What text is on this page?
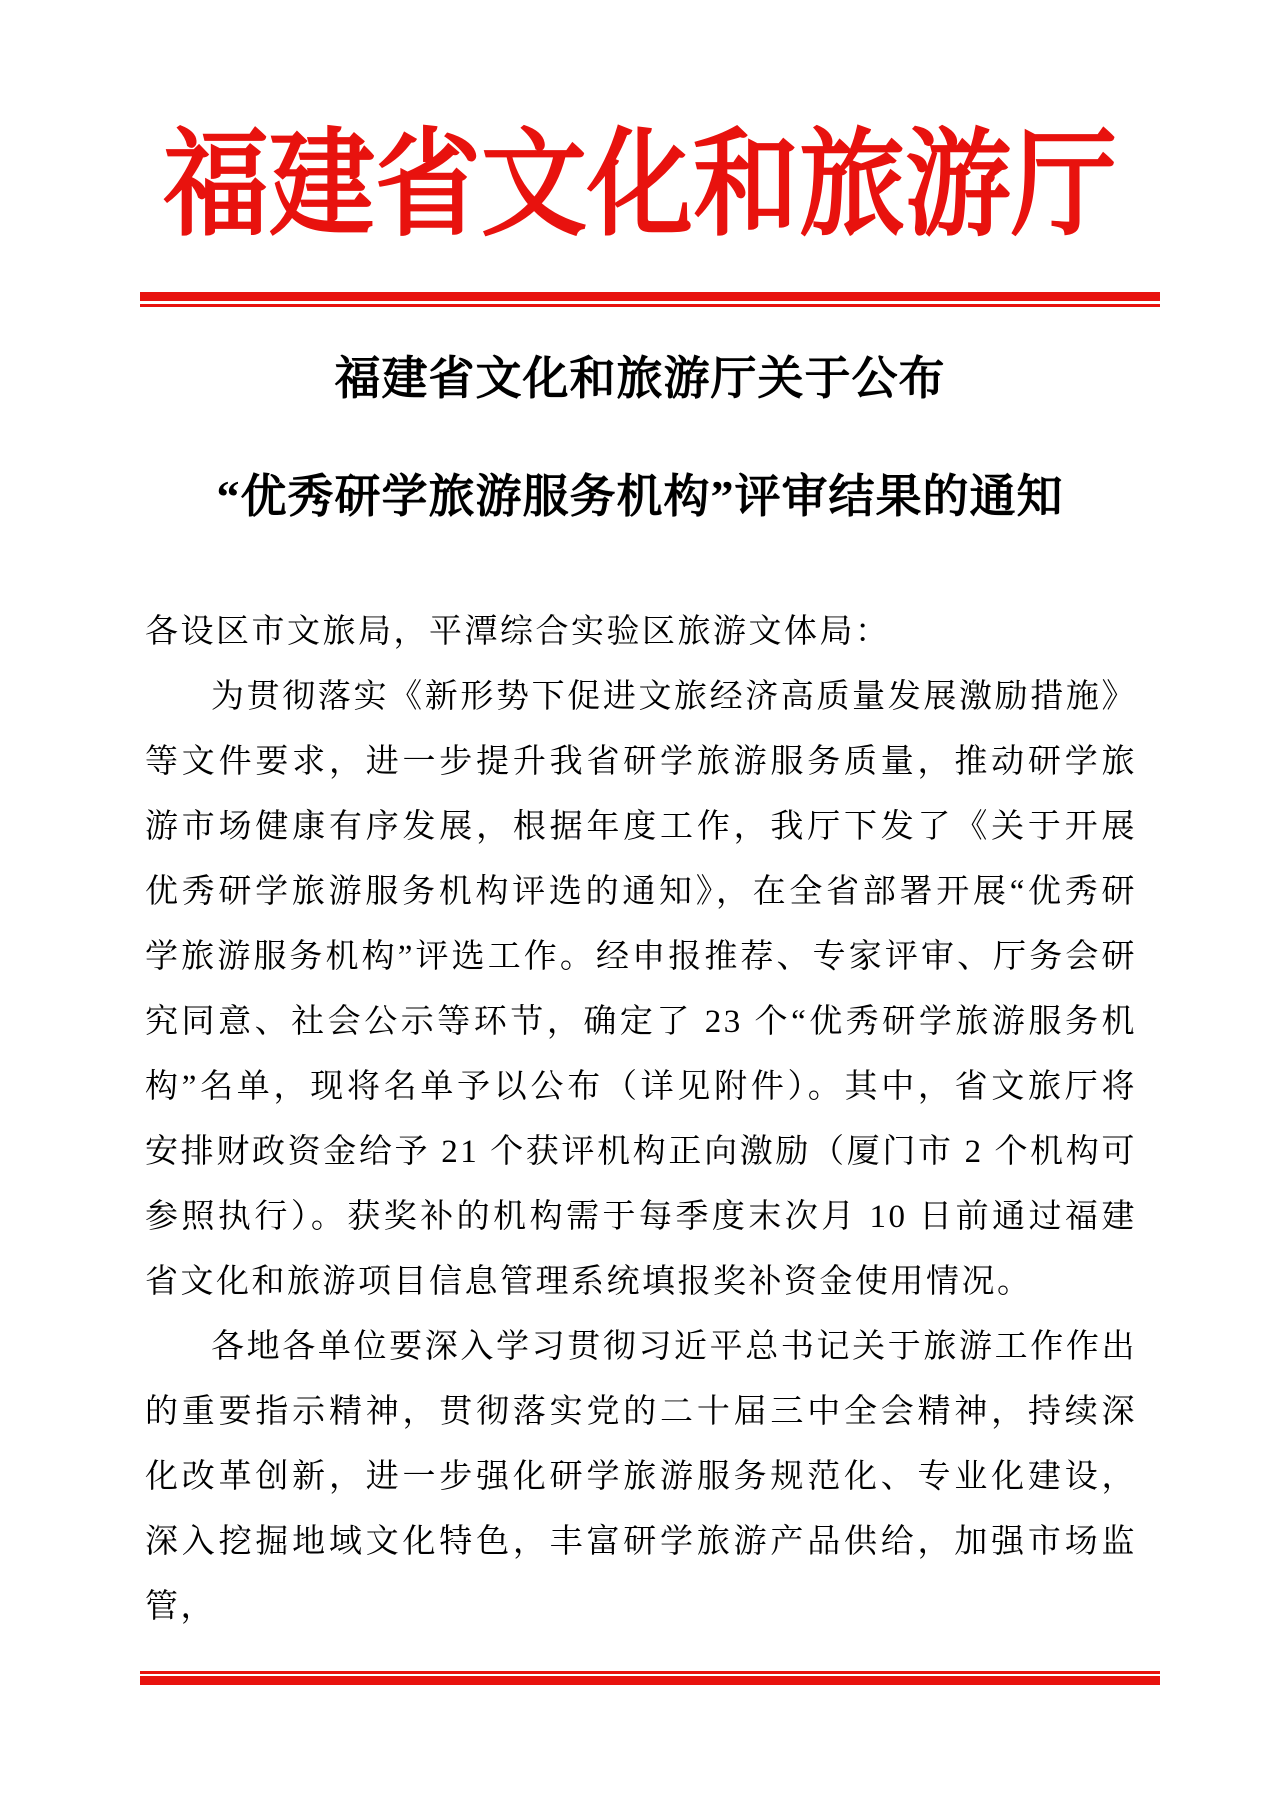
福建省文化和旅游厅
福建省文化和旅游厅关于公布
“优秀研学旅游服务机构”评审结果的通知

各设区市文旅局，平潭综合实验区旅游文体局：

为贯彻落实《新形势下促进文旅经济高质量发展激励措施》等文件要求，进一步提升我省研学旅游服务质量，推动研学旅游市场健康有序发展，根据年度工作，我厅下发了《关于开展优秀研学旅游服务机构评选的通知》，在全省部署开展“优秀研学旅游服务机构”评选工作。经申报推荐、专家评审、厅务会研究同意、社会公示等环节，确定了 23 个“优秀研学旅游服务机构”名单，现将名单予以公布（详见附件）。其中，省文旅厅将安排财政资金给予 21 个获评机构正向激励（厦门市 2 个机构可参照执行）。获奖补的机构需于每季度末次月 10 日前通过福建省文化和旅游项目信息管理系统填报奖补资金使用情况。

各地各单位要深入学习贯彻习近平总书记关于旅游工作作出的重要指示精神，贯彻落实党的二十届三中全会精神，持续深化改革创新，进一步强化研学旅游服务规范化、专业化建设，深入挖掘地域文化特色，丰富研学旅游产品供给，加强市场监管，
